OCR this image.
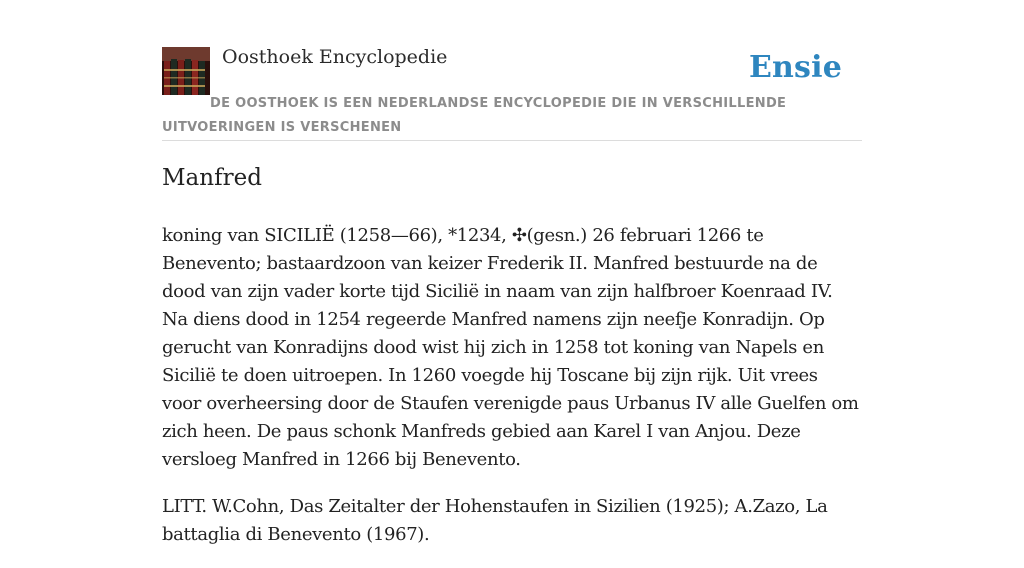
Oosthoek Encyclopedie	Ensie

DE OOSTHOEK IS EEN NEDERLANDSE ENCYCLOPEDIE DIE IN VERSCHILLENDE UITVOERINGEN IS VERSCHENEN

Manfred

koning van SICILIË (1258—66), *1234, ✣(gesn.) 26 februari 1266 te Benevento; bastaardzoon van keizer Frederik II. Manfred bestuurde na de dood van zijn vader korte tijd Sicilië in naam van zijn halfbroer Koenraad IV. Na diens dood in 1254 regeerde Manfred namens zijn neefje Konradijn. Op gerucht van Konradijns dood wist hij zich in 1258 tot koning van Napels en Sicilië te doen uitroepen. In 1260 voegde hij Toscane bij zijn rijk. Uit vrees voor overheersing door de Staufen verenigde paus Urbanus IV alle Guelfen om zich heen. De paus schonk Manfreds gebied aan Karel I van Anjou. Deze versloeg Manfred in 1266 bij Benevento.

LITT. W.Cohn, Das Zeitalter der Hohenstaufen in Sizilien (1925); A.Zazo, La battaglia di Benevento (1967).
